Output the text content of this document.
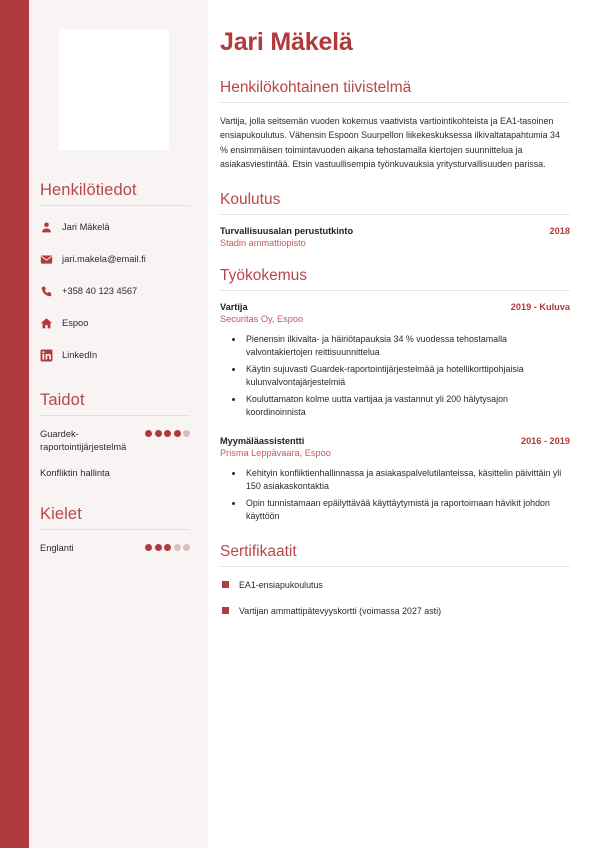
Henkilötiedot
Jari Mäkelä
jari.makela@email.fi
+358 40 123 4567
Espoo
LinkedIn
Taidot
Guardek-raportointijärjestelmä
Konfliktin hallinta
Kielet
Englanti
Jari Mäkelä
Henkilökohtainen tiivistelmä

Vartija, jolla seitsemän vuoden kokemus vaativista vartiointikohteista ja EA1-tasoinen ensiapukoulutus. Vähensin Espoon Suurpellon liikekeskuksessa ilkivaltatapahtumia 34 % ensimmäisen toimintavuoden aikana tehostamalla kiertojen suunnittelua ja asiakasviestintää. Etsin vastuullisempia työnkuvauksia yritysturvallisuuden parissa.

Koulutus
Turvallisuusalan perustutkinto	2018
Stadin ammattiopisto
Työkokemus
Vartija	2019 - Kuluva
Securitas Oy, Espoo
• Pienensin ilkivalta- ja häiriötapauksia 34 % vuodessa tehostamalla valvontakiertojen reittisuunnittelua
• Käytin sujuvasti Guardek-raportointijärjestelmää ja hotellikorttipohjaisia kulunvalvontajärjestelmiä
• Kouluttamaton kolme uutta vartijaa ja vastannut yli 200 hälytysajon koordinoinnista
Myymäläassistentti	2016 - 2019
Prisma Leppävaara, Espoo
• Kehityin konfliktienhallinnassa ja asiakaspalvelutilanteissa, käsittelin päivittäin yli 150 asiakaskontaktia
• Opin tunnistamaan epäilyttävää käyttäytymistä ja raportoimaan hävikit johdon käyttöön
Sertifikaatit
EA1-ensiapukoulutus
Vartijan ammattipätevyyskortti (voimassa 2027 asti)
